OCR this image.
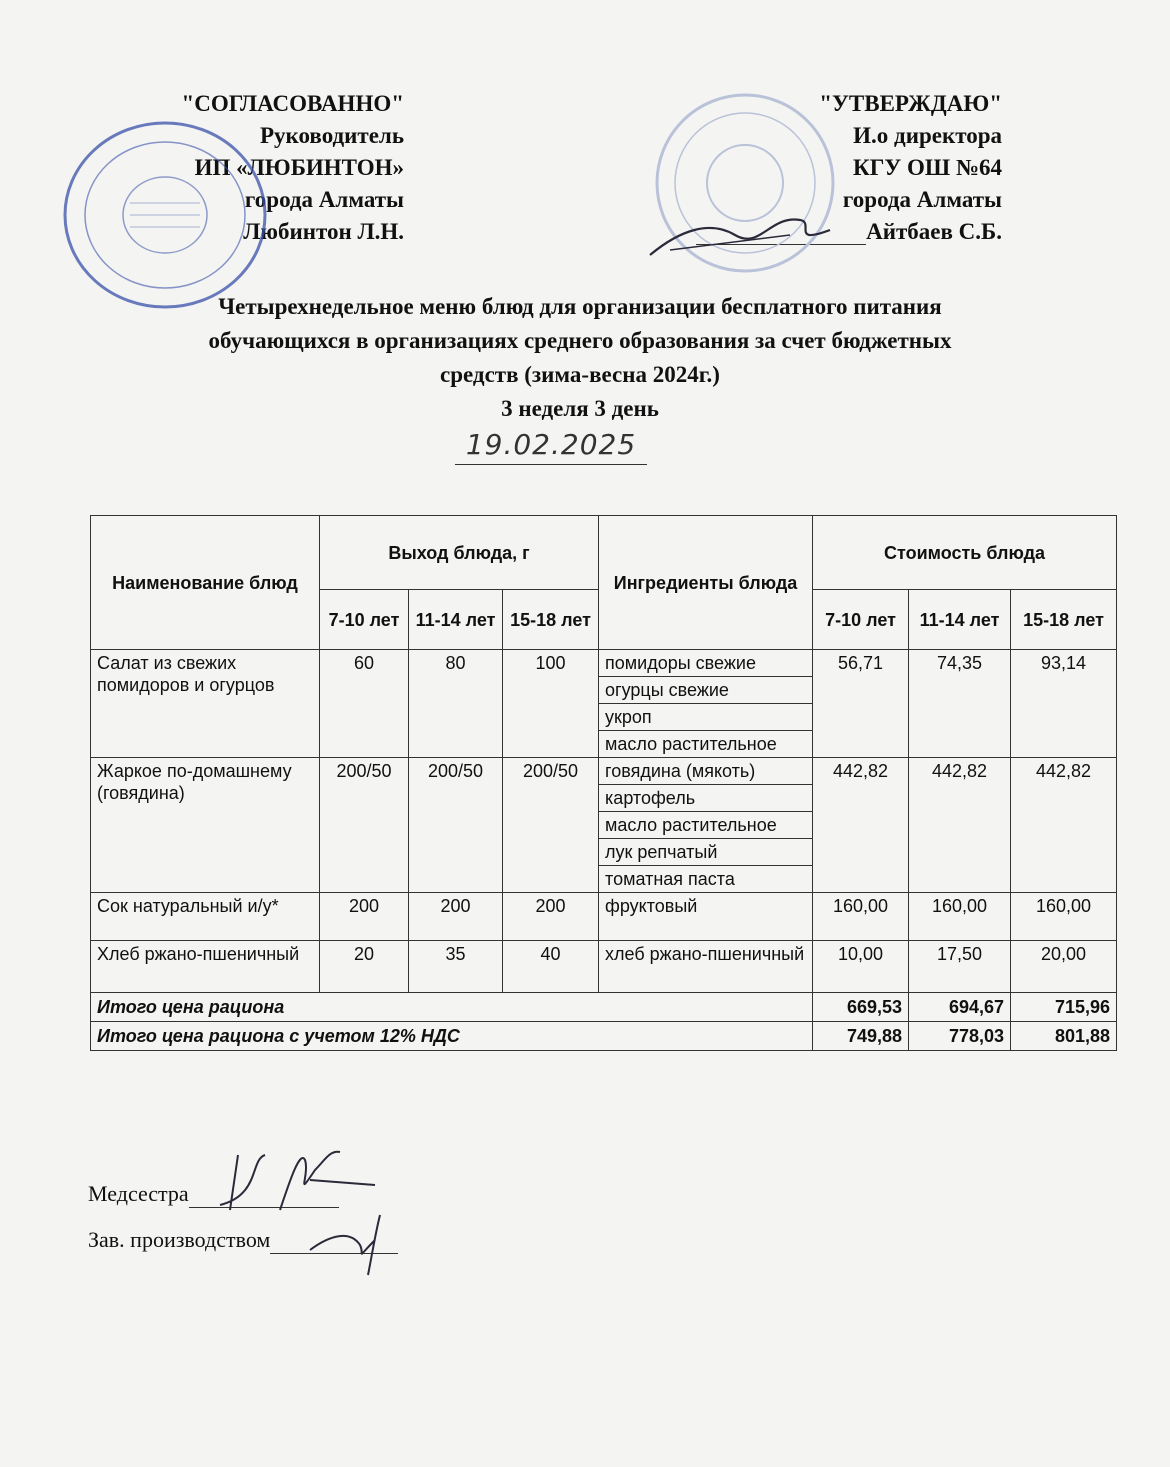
"СОГЛАСОВАННО"
Руководитель
ИП «ЛЮБИНТОН»
города Алматы
Любинтон Л.Н.
"УТВЕРЖДАЮ"
И.о директора
КГУ ОШ №64
города Алматы
Айтбаев С.Б.
Четырехнедельное меню блюд для организации бесплатного питания
обучающихся в организациях среднего образования за счет бюджетных
средств (зима-весна 2024г.)
3 неделя 3 день
19.02.2025
Наименование блюд	Выход блюда, г			Ингредиенты блюда	Стоимость блюда		
	7-10 лет	11-14 лет	15-18 лет		7-10 лет	11-14 лет	15-18 лет
Салат из свежих помидоров и огурцов	60	80	100	помидоры свежие	56,71	74,35	93,14
				огурцы свежие			
				укроп			
				масло растительное			
Жаркое по-домашнему (говядина)	200/50	200/50	200/50	говядина (мякоть)	442,82	442,82	442,82
				картофель			
				масло растительное			
				лук репчатый			
				томатная паста			
Сок натуральный и/у*	200	200	200	фруктовый	160,00	160,00	160,00
Хлеб ржано-пшеничный	20	35	40	хлеб ржано-пшеничный	10,00	17,50	20,00
Итого цена рациона					669,53	694,67	715,96
Итого цена рациона с учетом 12% НДС					749,88	778,03	801,88
Медсестра
Зав. производством
